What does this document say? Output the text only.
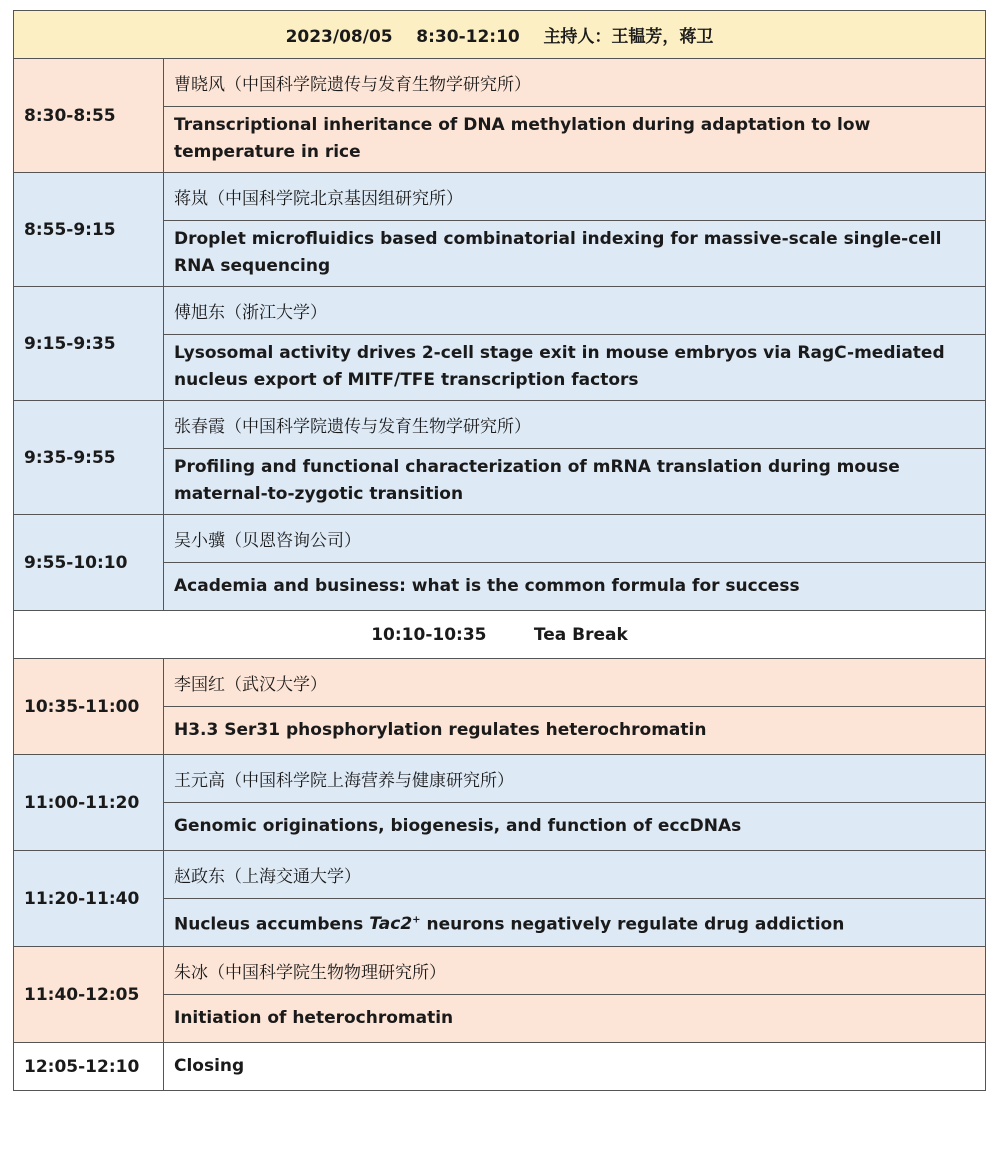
2023/08/05 8:30-12:10 主持人：王韫芳，蒋卫	
8:30-8:55	曹晓风（中国科学院遗传与发育生物学研究所）
	Transcriptional inheritance of DNA methylation during adaptation to low temperature in rice
8:55-9:15	蒋岚（中国科学院北京基因组研究所）
	Droplet microfluidics based combinatorial indexing for massive-scale single-cell RNA sequencing
9:15-9:35	傅旭东（浙江大学）
	Lysosomal activity drives 2-cell stage exit in mouse embryos via RagC-mediated nucleus export of MITF/TFE transcription factors
9:35-9:55	张春霞（中国科学院遗传与发育生物学研究所）
	Profiling and functional characterization of mRNA translation during mouse maternal-to-zygotic transition
9:55-10:10	吴小骥（贝恩咨询公司）
	Academia and business: what is the common formula for success
10:10-10:35 Tea Break	
10:35-11:00	李国红（武汉大学）
	H3.3 Ser31 phosphorylation regulates heterochromatin
11:00-11:20	王元高（中国科学院上海营养与健康研究所）
	Genomic originations, biogenesis, and function of eccDNAs
11:20-11:40	赵政东（上海交通大学）
	Nucleus accumbens Tac2+ neurons negatively regulate drug addiction
11:40-12:05	朱冰（中国科学院生物物理研究所）
	Initiation of heterochromatin
12:05-12:10	Closing
